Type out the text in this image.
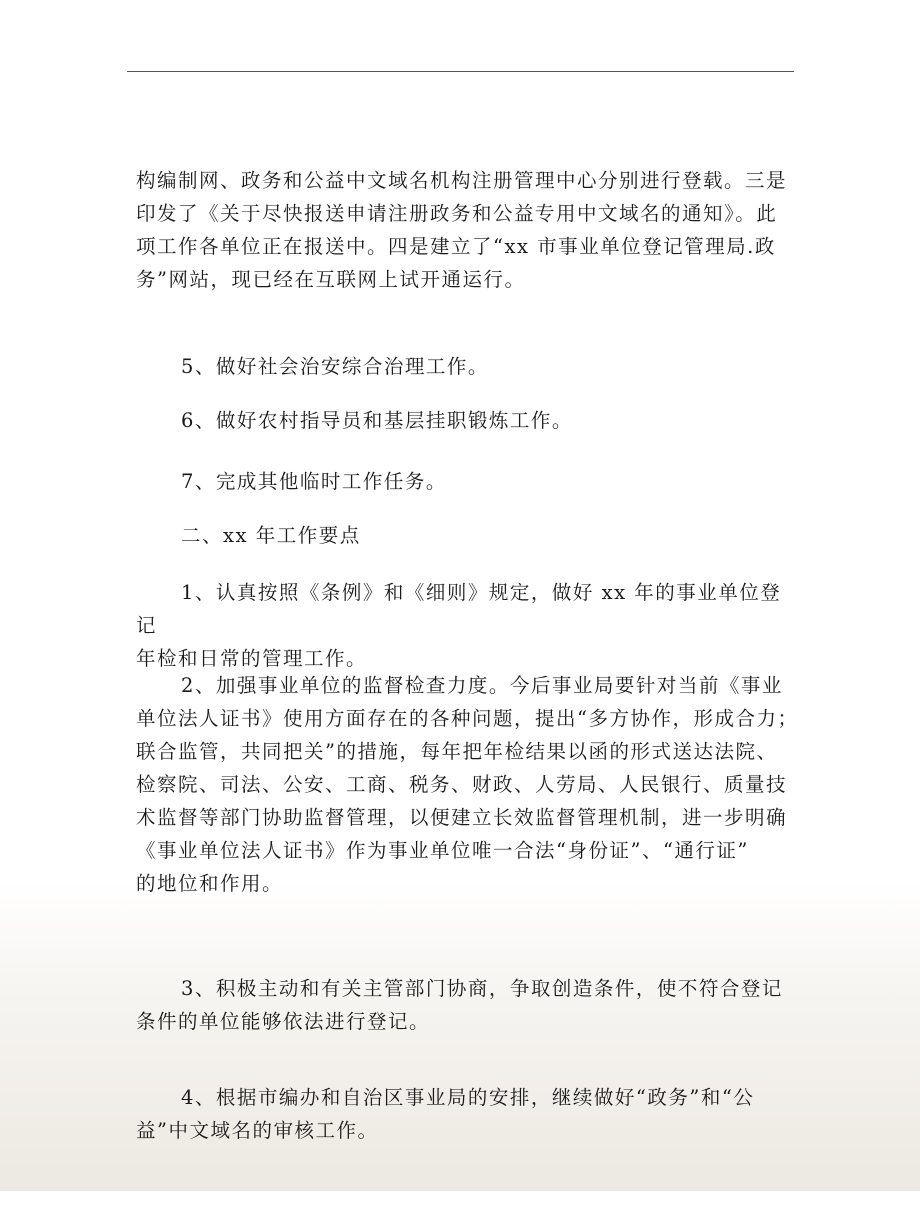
构编制网、政务和公益中文域名机构注册管理中心分别进行登载。三是
印发了《关于尽快报送申请注册政务和公益专用中文域名的通知》。此
项工作各单位正在报送中。四是建立了“xx 市事业单位登记管理局.政
务”网站，现已经在互联网上试开通运行。

5、做好社会治安综合治理工作。

6、做好农村指导员和基层挂职锻炼工作。

7、完成其他临时工作任务。

二、xx 年工作要点

1、认真按照《条例》和《细则》规定，做好 xx 年的事业单位登记
年检和日常的管理工作。

2、加强事业单位的监督检查力度。今后事业局要针对当前《事业
单位法人证书》使用方面存在的各种问题，提出“多方协作，形成合力；
联合监管，共同把关”的措施，每年把年检结果以函的形式送达法院、
检察院、司法、公安、工商、税务、财政、人劳局、人民银行、质量技
术监督等部门协助监督管理，以便建立长效监督管理机制，进一步明确
《事业单位法人证书》作为事业单位唯一合法“身份证”、“通行证”
的地位和作用。

3、积极主动和有关主管部门协商，争取创造条件，使不符合登记
条件的单位能够依法进行登记。

4、根据市编办和自治区事业局的安排，继续做好“政务”和“公
益”中文域名的审核工作。
